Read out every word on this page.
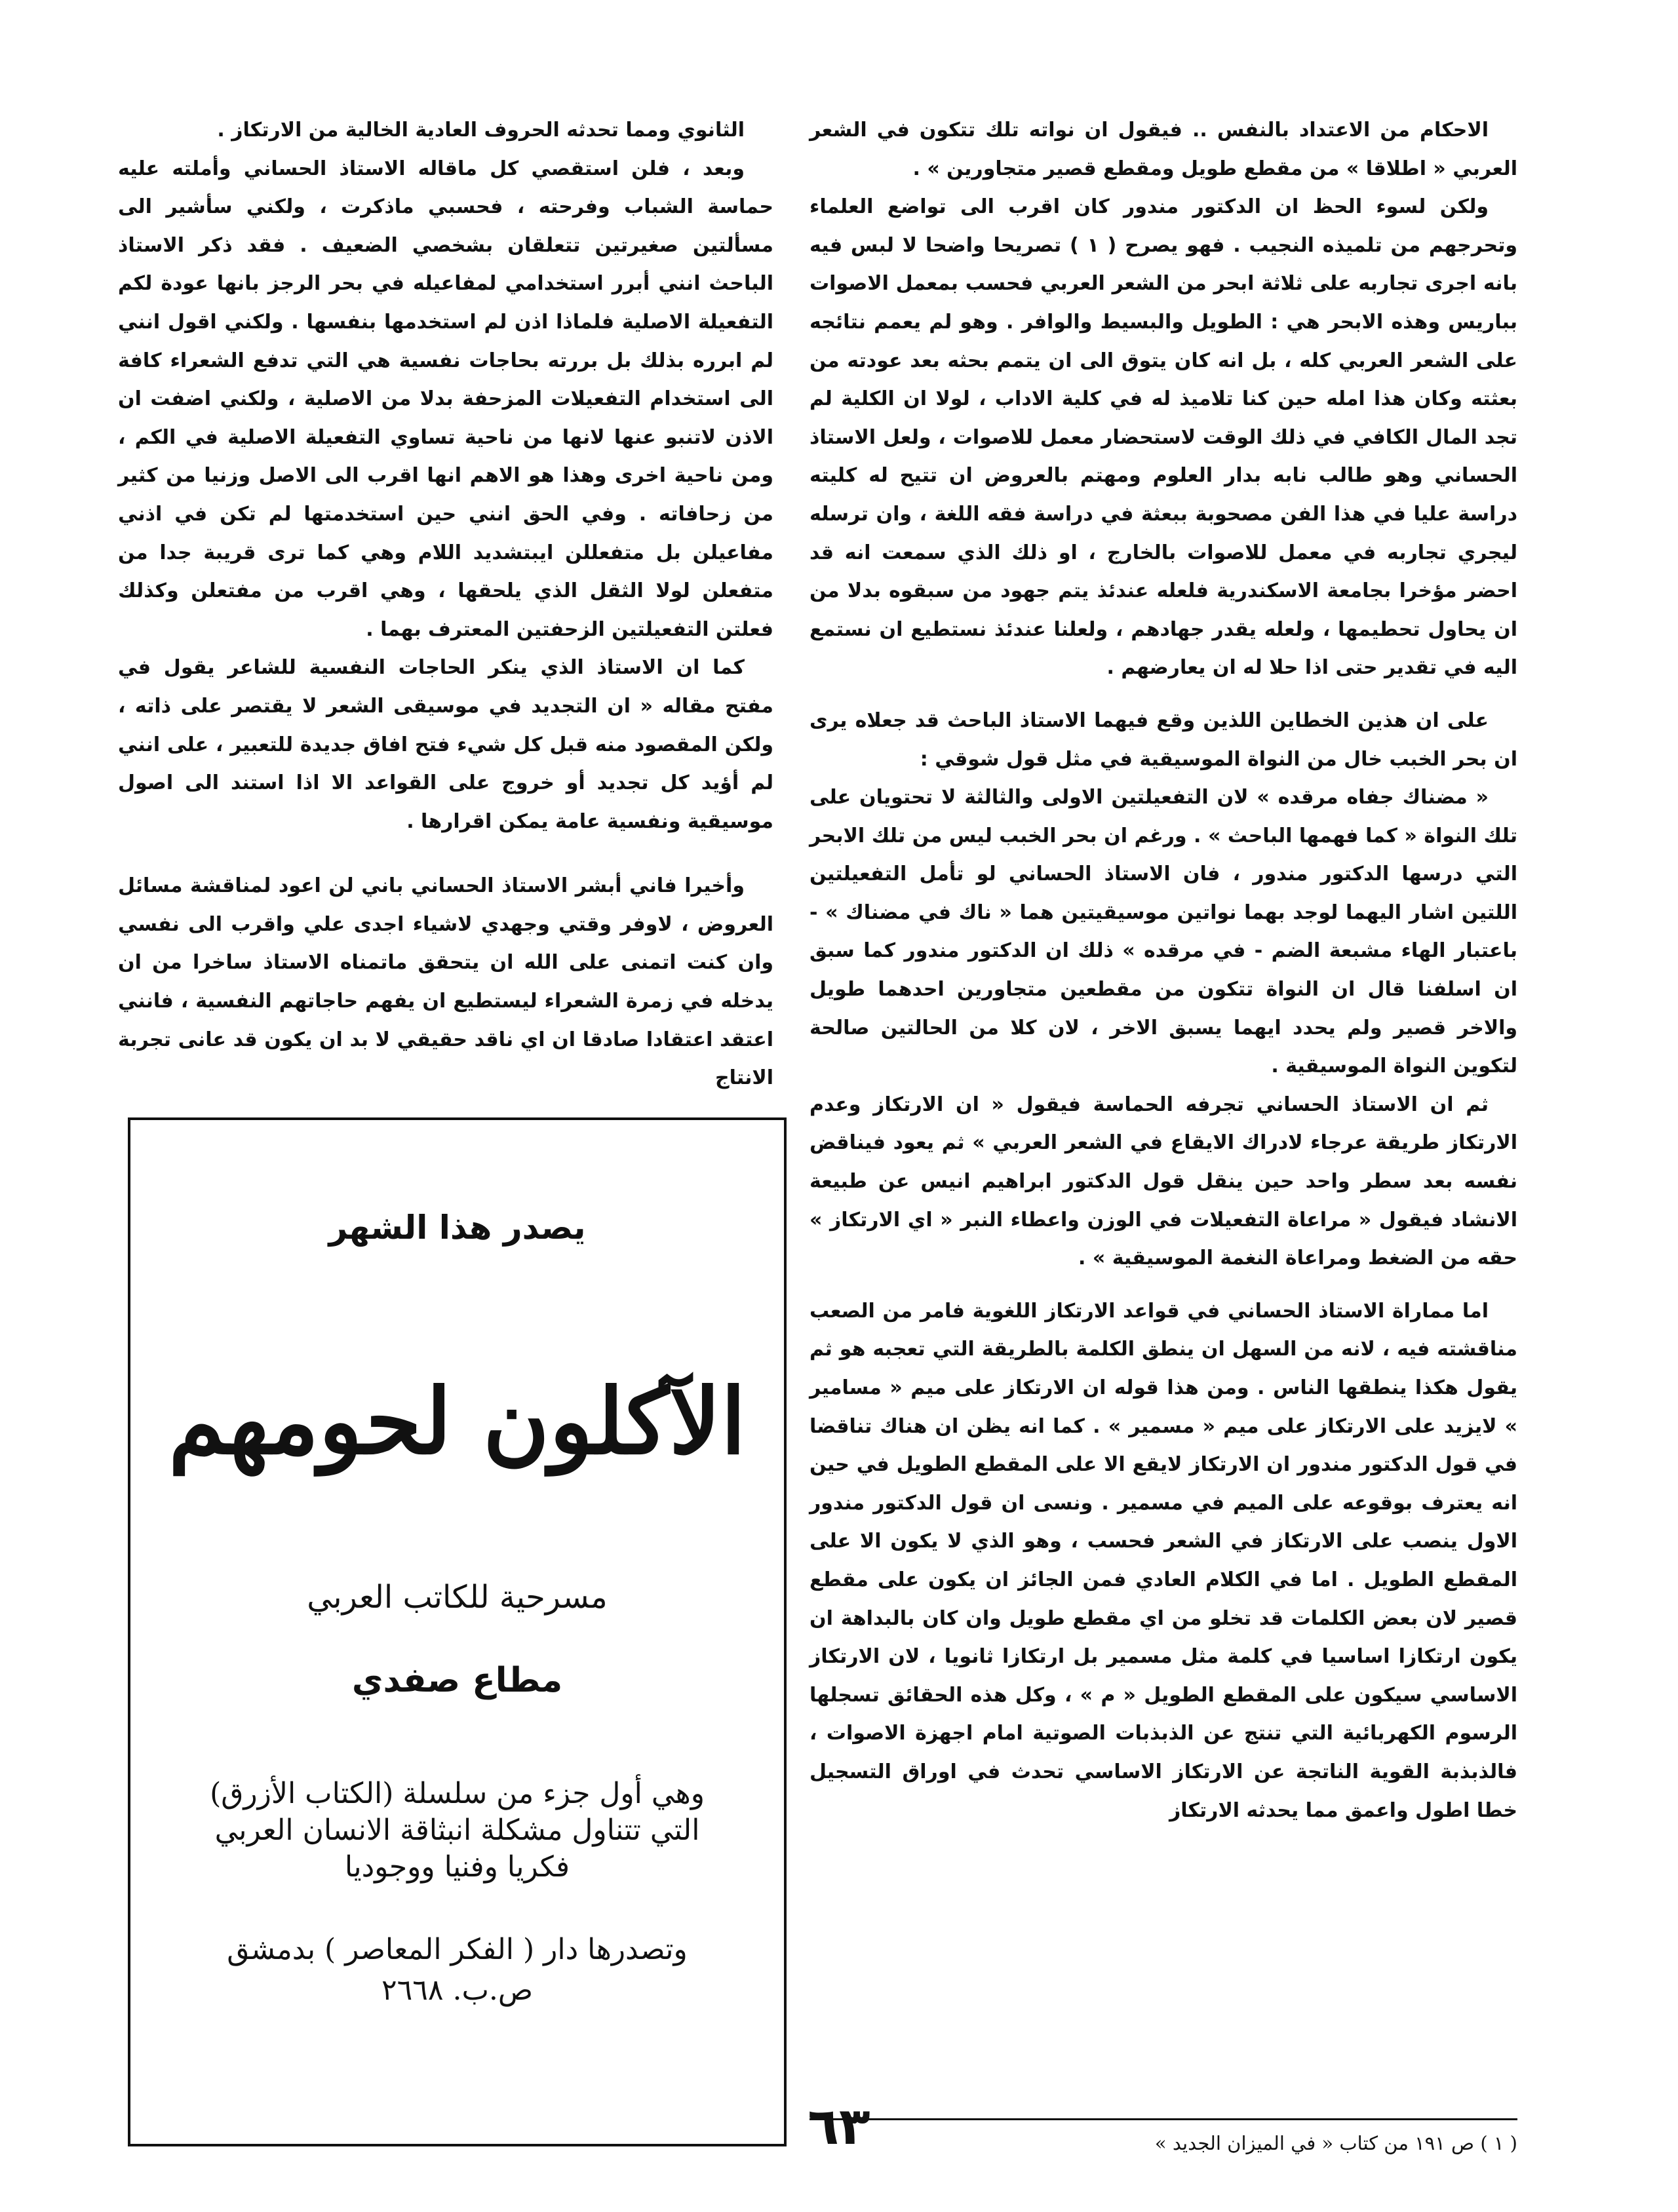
الاحكام من الاعتداد بالنفس .. فيقول ان نواته تلك تتكون في الشعر العربي « اطلاقا » من مقطع طويل ومقطع قصير متجاورين » .

ولكن لسوء الحظ ان الدكتور مندور كان اقرب الى تواضع العلماء وتحرجهم من تلميذه النجيب . فهو يصرح ( ١ ) تصريحا واضحا لا لبس فيه بانه اجرى تجاربه على ثلاثة ابحر من الشعر العربي فحسب بمعمل الاصوات بباريس وهذه الابحر هي : الطويل والبسيط والوافر . وهو لم يعمم نتائجه على الشعر العربي كله ، بل انه كان يتوق الى ان يتمم بحثه بعد عودته من بعثته وكان هذا امله حين كنا تلاميذ له في كلية الاداب ، لولا ان الكلية لم تجد المال الكافي في ذلك الوقت لاستحضار معمل للاصوات ، ولعل الاستاذ الحساني وهو طالب نابه بدار العلوم ومهتم بالعروض ان تتيح له كليته دراسة عليا في هذا الفن مصحوبة ببعثة في دراسة فقه اللغة ، وان ترسله ليجري تجاربه في معمل للاصوات بالخارج ، او ذلك الذي سمعت انه قد احضر مؤخرا بجامعة الاسكندرية فلعله عندئذ يتم جهود من سبقوه بدلا من ان يحاول تحطيمها ، ولعله يقدر جهادهم ، ولعلنا عندئذ نستطيع ان نستمع اليه في تقدير حتى اذا حلا له ان يعارضهم .

على ان هذين الخطاين اللذين وقع فيهما الاستاذ الباحث قد جعلاه يرى ان بحر الخبب خال من النواة الموسيقية في مثل قول شوقي :

« مضناك جفاه مرقده » لان التفعيلتين الاولى والثالثة لا تحتويان على تلك النواة « كما فهمها الباحث » . ورغم ان بحر الخبب ليس من تلك الابحر التي درسها الدكتور مندور ، فان الاستاذ الحساني لو تأمل التفعيلتين اللتين اشار اليهما لوجد بهما نواتين موسيقيتين هما « ناك في مضناك » - باعتبار الهاء مشبعة الضم - في مرقده » ذلك ان الدكتور مندور كما سبق ان اسلفنا قال ان النواة تتكون من مقطعين متجاورين احدهما طويل والاخر قصير ولم يحدد ايهما يسبق الاخر ، لان كلا من الحالتين صالحة لتكوين النواة الموسيقية .

ثم ان الاستاذ الحساني تجرفه الحماسة فيقول « ان الارتكاز وعدم الارتكاز طريقة عرجاء لادراك الايقاع في الشعر العربي » ثم يعود فيناقض نفسه بعد سطر واحد حين ينقل قول الدكتور ابراهيم انيس عن طبيعة الانشاد فيقول « مراعاة التفعيلات في الوزن واعطاء النبر « اي الارتكاز » حقه من الضغط ومراعاة النغمة الموسيقية » .

اما مماراة الاستاذ الحساني في قواعد الارتكاز اللغوية فامر من الصعب مناقشته فيه ، لانه من السهل ان ينطق الكلمة بالطريقة التي تعجبه هو ثم يقول هكذا ينطقها الناس . ومن هذا قوله ان الارتكاز على ميم « مسامير » لايزيد على الارتكاز على ميم « مسمير » . كما انه يظن ان هناك تناقضا في قول الدكتور مندور ان الارتكاز لايقع الا على المقطع الطويل في حين انه يعترف بوقوعه على الميم في مسمير . ونسى ان قول الدكتور مندور الاول ينصب على الارتكاز في الشعر فحسب ، وهو الذي لا يكون الا على المقطع الطويل . اما في الكلام العادي فمن الجائز ان يكون على مقطع قصير لان بعض الكلمات قد تخلو من اي مقطع طويل وان كان بالبداهة ان يكون ارتكازا اساسيا في كلمة مثل مسمير بل ارتكازا ثانويا ، لان الارتكاز الاساسي سيكون على المقطع الطويل « م » ، وكل هذه الحقائق تسجلها الرسوم الكهربائية التي تنتج عن الذبذبات الصوتية امام اجهزة الاصوات ، فالذبذبة القوية الناتجة عن الارتكاز الاساسي تحدث في اوراق التسجيل خطا اطول واعمق مما يحدثه الارتكاز

( ١ ) ص ١٩١ من كتاب « في الميزان الجديد »

الثانوي ومما تحدثه الحروف العادية الخالية من الارتكاز .

وبعد ، فلن استقصي كل ماقاله الاستاذ الحساني وأملته عليه حماسة الشباب وفرحته ، فحسبي ماذكرت ، ولكني سأشير الى مسألتين صغيرتين تتعلقان بشخصي الضعيف . فقد ذكر الاستاذ الباحث انني أبرر استخدامي لمفاعيله في بحر الرجز بانها عودة لكم التفعيلة الاصلية فلماذا اذن لم استخدمها بنفسها . ولكني اقول انني لم ابرره بذلك بل بررته بحاجات نفسية هي التي تدفع الشعراء كافة الى استخدام التفعيلات المزحفة بدلا من الاصلية ، ولكني اضفت ان الاذن لاتنبو عنها لانها من ناحية تساوي التفعيلة الاصلية في الكم ، ومن ناحية اخرى وهذا هو الاهم انها اقرب الى الاصل وزنيا من كثير من زحافاته . وفي الحق انني حين استخدمتها لم تكن في اذني مفاعيلن بل متفعللن ايبتشديد اللام وهي كما ترى قريبة جدا من متفعلن لولا الثقل الذي يلحقها ، وهي اقرب من مفتعلن وكذلك فعلتن التفعيلتين الزحفتين المعترف بهما .

كما ان الاستاذ الذي ينكر الحاجات النفسية للشاعر يقول في مفتح مقاله « ان التجديد في موسيقى الشعر لا يقتصر على ذاته ، ولكن المقصود منه قبل كل شيء فتح افاق جديدة للتعبير ، على انني لم أؤيد كل تجديد أو خروج على القواعد الا اذا استند الى اصول موسيقية ونفسية عامة يمكن اقرارها .

وأخيرا فاني أبشر الاستاذ الحساني باني لن اعود لمناقشة مسائل العروض ، لاوفر وقتي وجهدي لاشياء اجدى علي واقرب الى نفسي وان كنت اتمنى على الله ان يتحقق ماتمناه الاستاذ ساخرا من ان يدخله في زمرة الشعراء ليستطيع ان يفهم حاجاتهم النفسية ، فانني اعتقد اعتقادا صادقا ان اي ناقد حقيقي لا بد ان يكون قد عانى تجربة الانتاج

يصدر هذا الشهر
الآكلون لحومهم
مسرحية للكاتب العربي
مطاع صفدي
وهي أول جزء من سلسلة (الكتاب الأزرق) التي تتناول مشكلة انبثاقة الانسان العربي فكريا وفنيا ووجوديا
وتصدرها دار ( الفكر المعاصر ) بدمشق
ص.ب. ٢٦٦٨
٦٣
